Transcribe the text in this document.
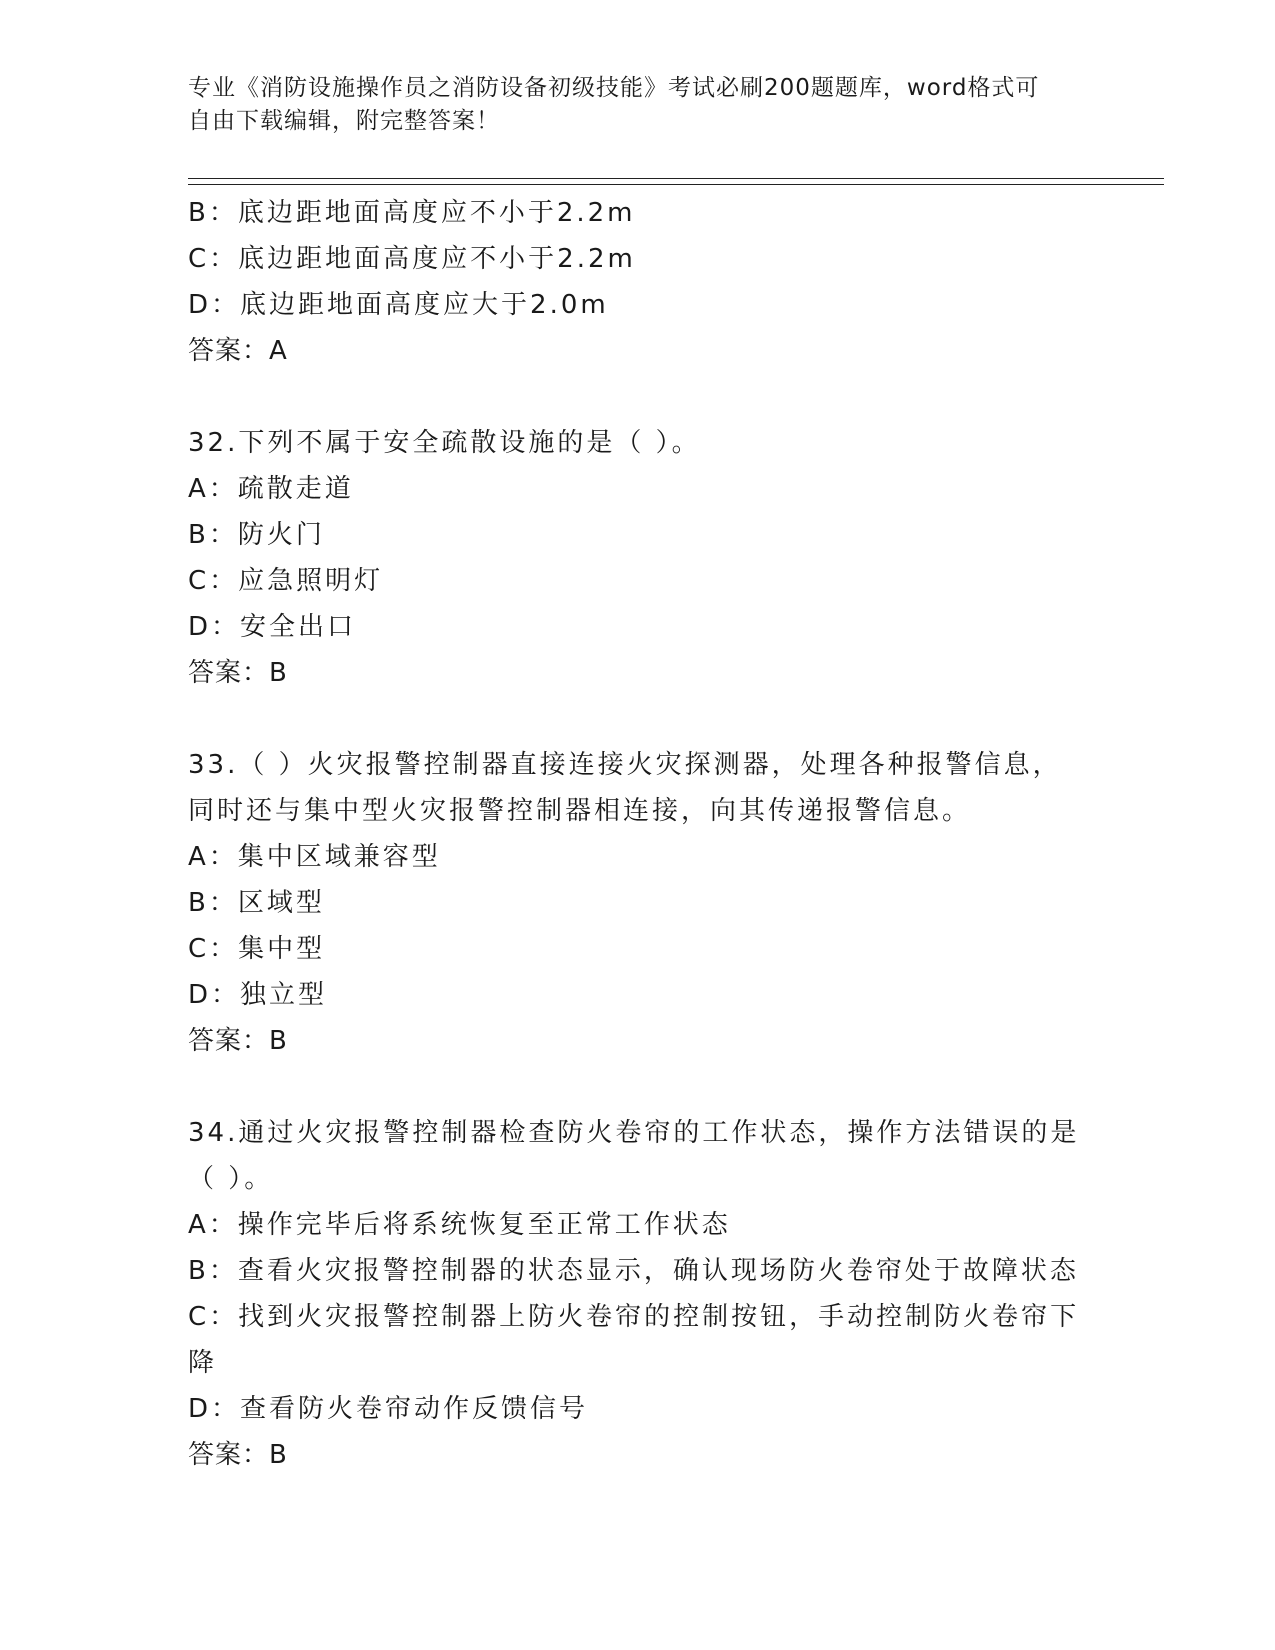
专业《消防设施操作员之消防设备初级技能》考试必刷200题题库，word格式可
自由下载编辑，附完整答案！
B：底边距地面高度应不小于2.2m
C：底边距地面高度应不小于2.2m
D：底边距地面高度应大于2.0m
答案：A
32.下列不属于安全疏散设施的是（ ）。
A：疏散走道
B：防火门
C：应急照明灯
D：安全出口
答案：B
33.（ ）火灾报警控制器直接连接火灾探测器，处理各种报警信息，
同时还与集中型火灾报警控制器相连接，向其传递报警信息。
A：集中区域兼容型
B：区域型
C：集中型
D：独立型
答案：B
34.通过火灾报警控制器检查防火卷帘的工作状态，操作方法错误的是
（ ）。
A：操作完毕后将系统恢复至正常工作状态
B：查看火灾报警控制器的状态显示，确认现场防火卷帘处于故障状态
C：找到火灾报警控制器上防火卷帘的控制按钮，手动控制防火卷帘下
降
D：查看防火卷帘动作反馈信号
答案：B
